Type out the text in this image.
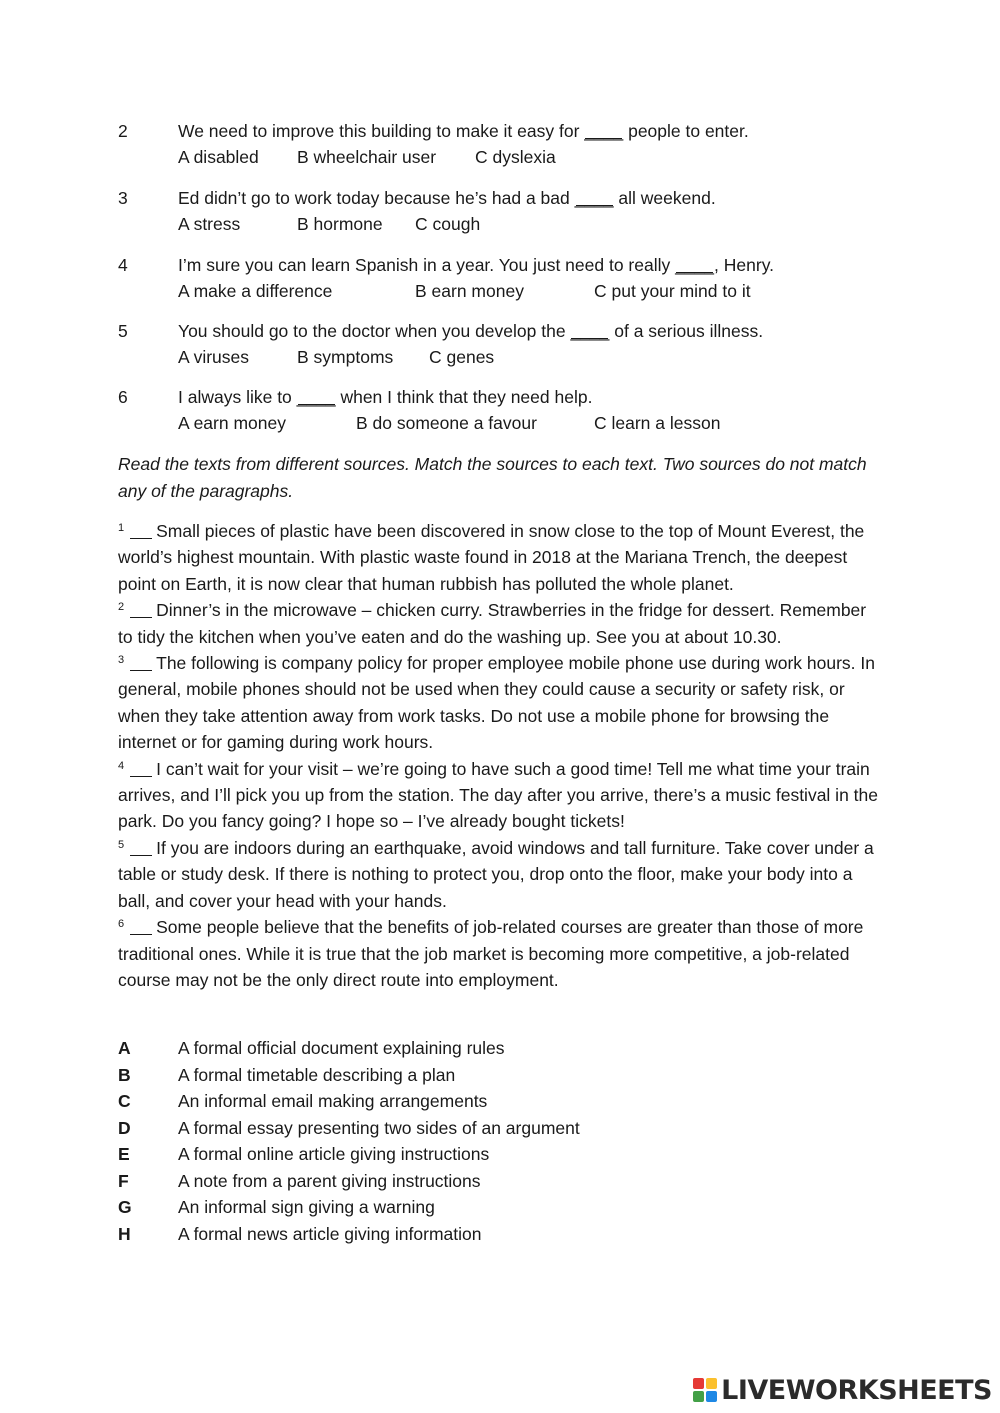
2	We need to improve this building to make it easy for ____ people to enter.
A disabled B wheelchair user C dyslexia
3	Ed didn’t go to work today because he’s had a bad ____ all weekend.
A stress	B hormone C cough
4	I’m sure you can learn Spanish in a year. You just need to really ____, Henry.
A make a difference	B earn money	C put your mind to it
5	You should go to the doctor when you develop the ____ of a serious illness.
A viruses	B symptoms C genes
6	I always like to ____ when I think that they need help.
A earn money	B do someone a favour	C learn a lesson
Read the texts from different sources. Match the sources to each text. Two sources do not match any of the paragraphs.

$^1$ Small pieces of plastic have been discovered in snow close to the top of Mount Everest, the world’s highest mountain. With plastic waste found in 2018 at the Mariana Trench, the deepest point on Earth, it is now clear that human rubbish has polluted the whole planet.

$^2$ Dinner’s in the microwave – chicken curry. Strawberries in the fridge for dessert. Remember to tidy the kitchen when you’ve eaten and do the washing up. See you at about 10.30.

$^3$ The following is company policy for proper employee mobile phone use during work hours. In general, mobile phones should not be used when they could cause a security or safety risk, or when they take attention away from work tasks. Do not use a mobile phone for browsing the internet or for gaming during work hours.

$^4$ I can’t wait for your visit – we’re going to have such a good time! Tell me what time your train arrives, and I’ll pick you up from the station. The day after you arrive, there’s a music festival in the park. Do you fancy going? I hope so – I’ve already bought tickets!

$^5$ If you are indoors during an earthquake, avoid windows and tall furniture. Take cover under a table or study desk. If there is nothing to protect you, drop onto the floor, make your body into a ball, and cover your head with your hands.

$^6$ Some people believe that the benefits of job-related courses are greater than those of more traditional ones. While it is true that the job market is becoming more competitive, a job-related course may not be the only direct route into employment.

A	A formal official document explaining rules
B	A formal timetable describing a plan
C	An informal email making arrangements
D	A formal essay presenting two sides of an argument
E	A formal online article giving instructions
F	A note from a parent giving instructions
G	An informal sign giving a warning
H	A formal news article giving information
LIVEWORKSHEETS
